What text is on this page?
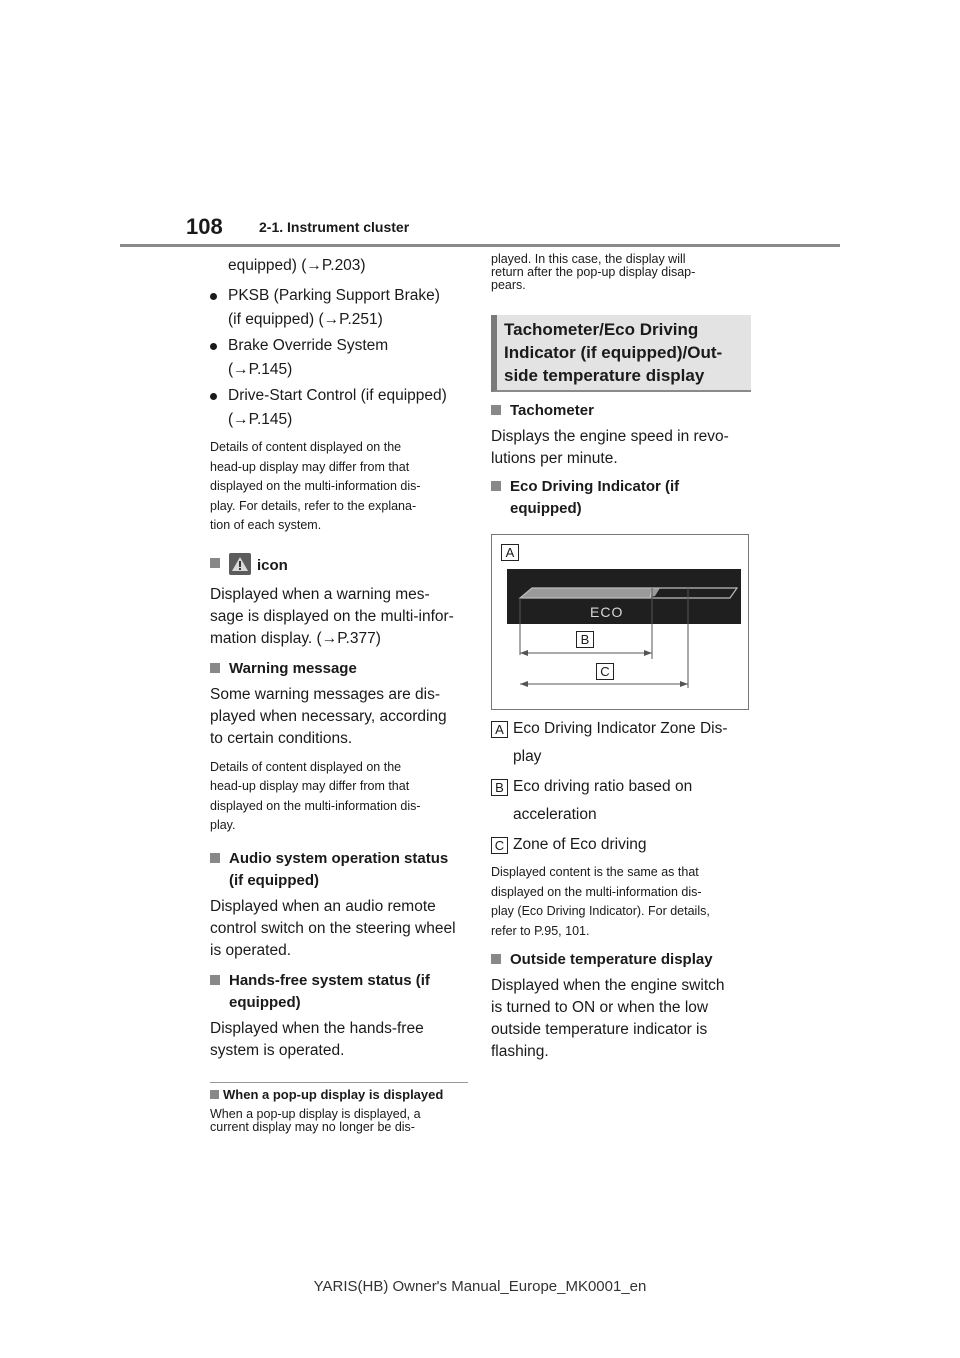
108	2-1. Instrument cluster
equipped) (→P.203)
PKSB (Parking Support Brake)
(if equipped) (→P.251)
Brake Override System
(→P.145)
Drive-Start Control (if equipped)
(→P.145)
Details of content displayed on the
head-up display may differ from that
displayed on the multi-information dis-
play. For details, refer to the explana-
tion of each system.
icon
Displayed when a warning mes-
sage is displayed on the multi-infor-
mation display. (→P.377)
Warning message
Some warning messages are dis-
played when necessary, according
to certain conditions.
Details of content displayed on the
head-up display may differ from that
displayed on the multi-information dis-
play.
Audio system operation status
(if equipped)
Displayed when an audio remote
control switch on the steering wheel
is operated.
Hands-free system status (if
equipped)
Displayed when the hands-free
system is operated.
When a pop-up display is displayed
When a pop-up display is displayed, a
current display may no longer be dis-
played. In this case, the display will
return after the pop-up display disap-
pears.
Tachometer/Eco Driving
Indicator (if equipped)/Out-
side temperature display
Tachometer
Displays the engine speed in revo-
lutions per minute.
Eco Driving Indicator (if
equipped)
ECO
A
B
C
A Eco Driving Indicator Zone Dis-
play
B Eco driving ratio based on
acceleration
C Zone of Eco driving
Displayed content is the same as that
displayed on the multi-information dis-
play (Eco Driving Indicator). For details,
refer to P.95, 101.
Outside temperature display
Displayed when the engine switch
is turned to ON or when the low
outside temperature indicator is
flashing.
YARIS(HB) Owner's Manual_Europe_MK0001_en
